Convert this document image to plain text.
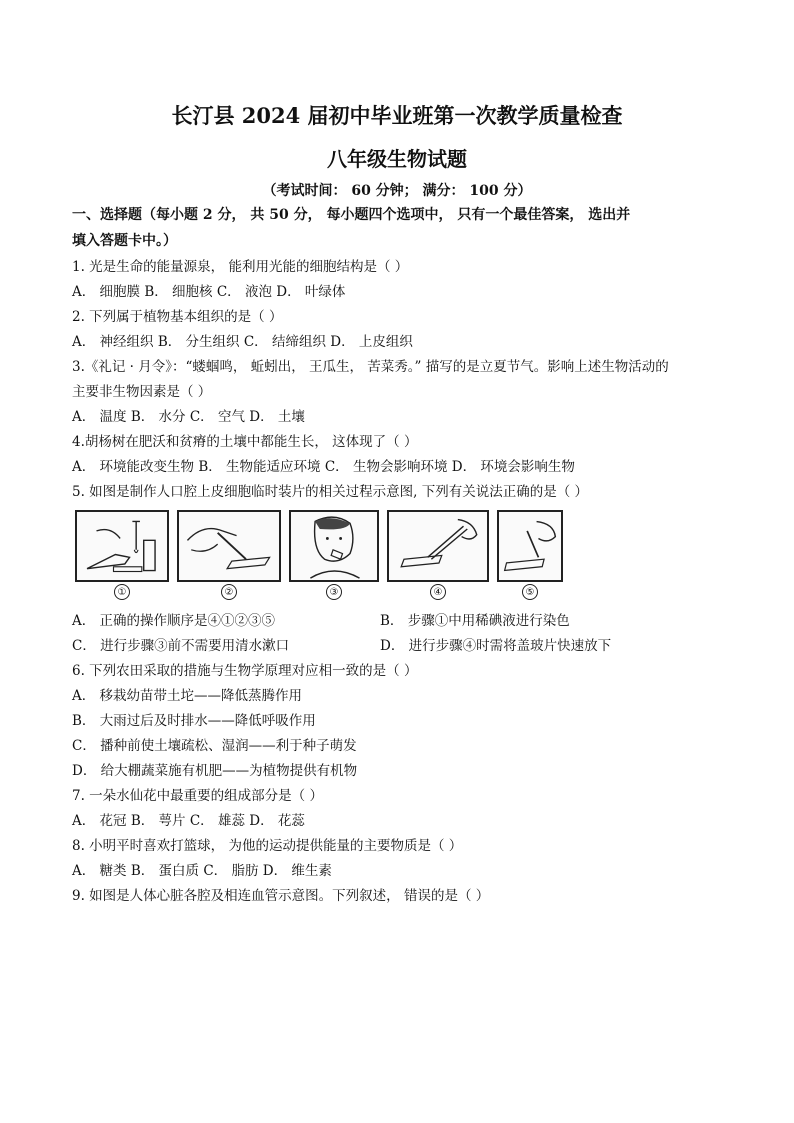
长汀县 2024 届初中毕业班第一次教学质量检查
八年级生物试题
（考试时间： 60 分钟； 满分： 100 分）
一、选择题（每小题 2 分， 共 50 分， 每小题四个选项中， 只有一个最佳答案， 选出并
填入答题卡中。）
1. 光是生命的能量源泉， 能利用光能的细胞结构是（ ）
A． 细胞膜 B． 细胞核 C． 液泡 D． 叶绿体
2. 下列属于植物基本组织的是（ ）
A． 神经组织 B． 分生组织 C． 结缔组织 D． 上皮组织
3.《礼记 · 月令》：“蝼蝈鸣， 蚯蚓出， 王瓜生， 苦菜秀。” 描写的是立夏节气。影响上述生物活动的
主要非生物因素是（ ）
A． 温度 B． 水分 C． 空气 D． 土壤
4.胡杨树在肥沃和贫瘠的土壤中都能生长， 这体现了（ ）
A． 环境能改变生物 B． 生物能适应环境 C． 生物会影响环境 D． 环境会影响生物
5. 如图是制作人口腔上皮细胞临时装片的相关过程示意图, 下列有关说法正确的是（ ）
①	②	③	④	⑤
A． 正确的操作顺序是④①②③⑤	B． 步骤①中用稀碘液进行染色
C． 进行步骤③前不需要用清水漱口	D． 进行步骤④时需将盖玻片快速放下
6. 下列农田采取的措施与生物学原理对应相一致的是（ ）
A． 移栽幼苗带土坨——降低蒸腾作用
B． 大雨过后及时排水——降低呼吸作用
C． 播种前使土壤疏松、湿润——利于种子萌发
D． 给大棚蔬菜施有机肥——为植物提供有机物
7. 一朵水仙花中最重要的组成部分是（ ）
A． 花冠 B． 萼片 C． 雄蕊 D． 花蕊
8. 小明平时喜欢打篮球， 为他的运动提供能量的主要物质是（ ）
A． 糖类 B． 蛋白质 C． 脂肪 D． 维生素
9. 如图是人体心脏各腔及相连血管示意图。下列叙述， 错误的是（ ）
